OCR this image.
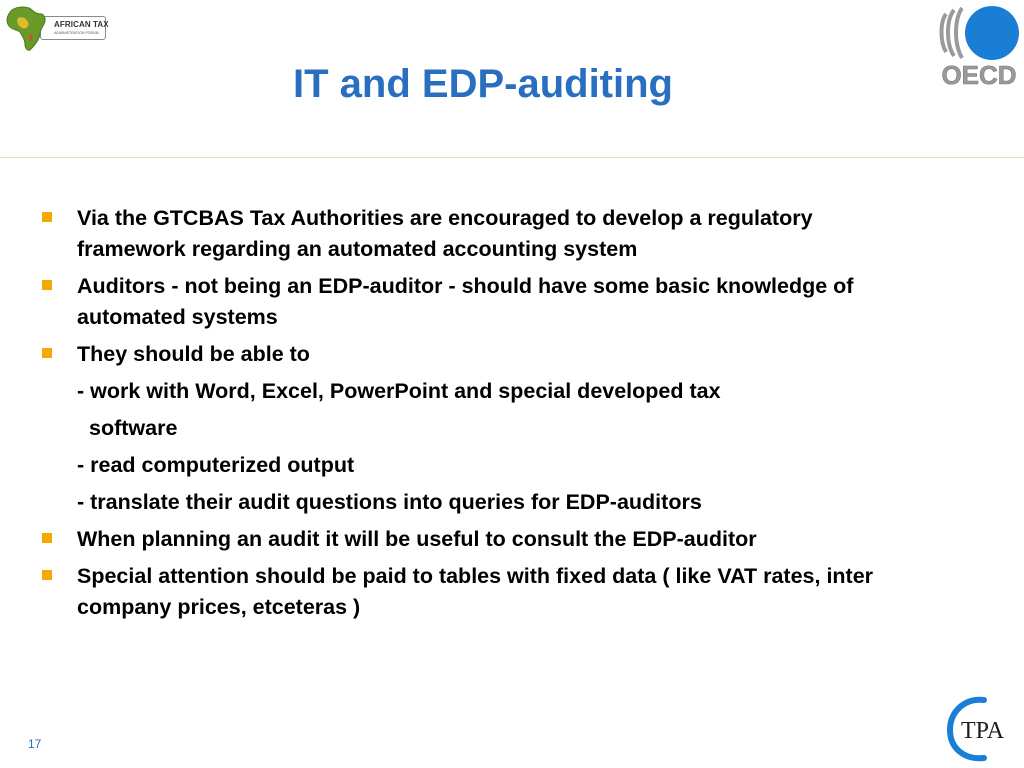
AFRICAN TAX
ADMINISTRATION FORUM
IT and EDP-auditing	OECD
Via the GTCBAS Tax Authorities are encouraged to develop a regulatory framework regarding an automated accounting system
Auditors - not being an EDP-auditor - should have some basic knowledge of automated systems
They should be able to
- work with Word, Excel, PowerPoint and special developed tax
software
- read computerized output
- translate their audit questions into queries for EDP-auditors
When planning an audit it will be useful to consult the EDP-auditor
Special attention should be paid to tables with fixed data ( like VAT rates, inter company prices, etceteras )
17	TPA
